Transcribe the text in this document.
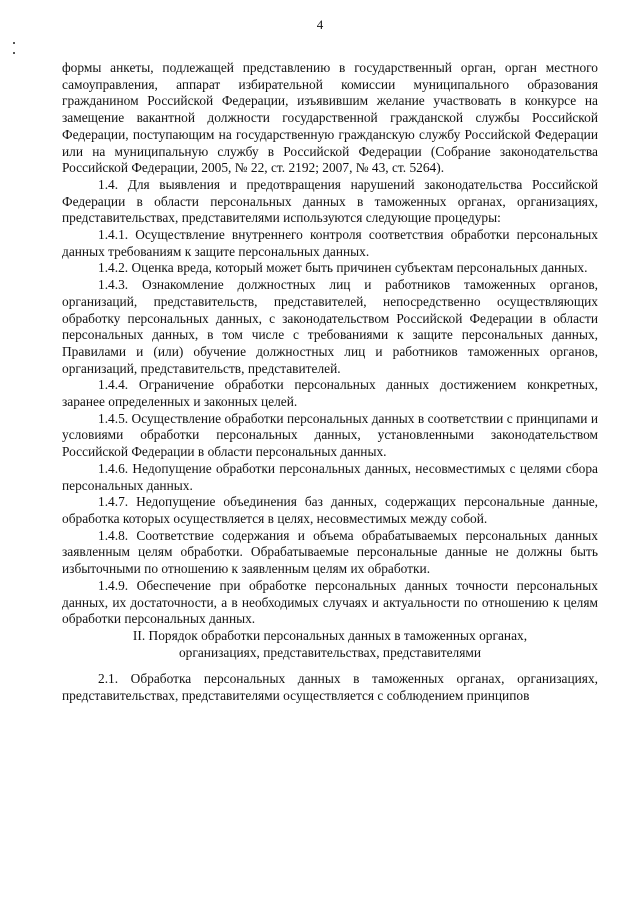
4

формы анкеты, подлежащей представлению в государственный орган, орган местного самоуправления, аппарат избирательной комиссии муниципального образования гражданином Российской Федерации, изъявившим желание участвовать в конкурсе на замещение вакантной должности государственной гражданской службы Российской Федерации, поступающим на государственную гражданскую службу Российской Федерации или на муниципальную службу в Российской Федерации (Собрание законодательства Российской Федерации, 2005, № 22, ст. 2192; 2007, № 43, ст. 5264).

1.4. Для выявления и предотвращения нарушений законодательства Российской Федерации в области персональных данных в таможенных органах, организациях, представительствах, представителями используются следующие процедуры:

1.4.1. Осуществление внутреннего контроля соответствия обработки персональных данных требованиям к защите персональных данных.

1.4.2. Оценка вреда, который может быть причинен субъектам персональных данных.

1.4.3. Ознакомление должностных лиц и работников таможенных органов, организаций, представительств, представителей, непосредственно осуществляющих обработку персональных данных, с законодательством Российской Федерации в области персональных данных, в том числе с требованиями к защите персональных данных, Правилами и (или) обучение должностных лиц и работников таможенных органов, организаций, представительств, представителей.

1.4.4. Ограничение обработки персональных данных достижением конкретных, заранее определенных и законных целей.

1.4.5. Осуществление обработки персональных данных в соответствии с принципами и условиями обработки персональных данных, установленными законодательством Российской Федерации в области персональных данных.

1.4.6. Недопущение обработки персональных данных, несовместимых с целями сбора персональных данных.

1.4.7. Недопущение объединения баз данных, содержащих персональные данные, обработка которых осуществляется в целях, несовместимых между собой.

1.4.8. Соответствие содержания и объема обрабатываемых персональных данных заявленным целям обработки. Обрабатываемые персональные данные не должны быть избыточными по отношению к заявленным целям их обработки.

1.4.9. Обеспечение при обработке персональных данных точности персональных данных, их достаточности, а в необходимых случаях и актуальности по отношению к целям обработки персональных данных.

II. Порядок обработки персональных данных в таможенных органах, организациях, представительствах, представителями

2.1. Обработка персональных данных в таможенных органах, организациях, представительствах, представителями осуществляется с соблюдением принципов
